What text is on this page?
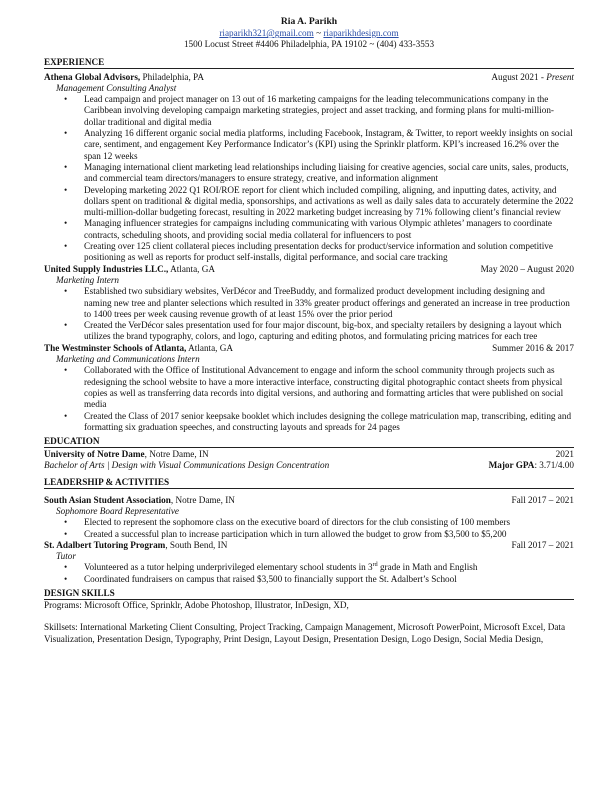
Ria A. Parikh
riaparikh321@gmail.com ~ riaparikhdesign.com
1500 Locust Street #4406 Philadelphia, PA 19102 ~ (404) 433-3553
EXPERIENCE
Athena Global Advisors, Philadelphia, PA	August 2021 - Present
Management Consulting Analyst
• Lead campaign and project manager on 13 out of 16 marketing campaigns for the leading telecommunications company in the Caribbean involving developing campaign marketing strategies, project and asset tracking, and forming plans for multi-million-dollar traditional and digital media
• Analyzing 16 different organic social media platforms, including Facebook, Instagram, & Twitter, to report weekly insights on social care, sentiment, and engagement Key Performance Indicator’s (KPI) using the Sprinklr platform. KPI’s increased 16.2% over the span 12 weeks
• Managing international client marketing lead relationships including liaising for creative agencies, social care units, sales, products, and commercial team directors/managers to ensure strategy, creative, and information alignment
• Developing marketing 2022 Q1 ROI/ROE report for client which included compiling, aligning, and inputting dates, activity, and dollars spent on traditional & digital media, sponsorships, and activations as well as daily sales data to accurately determine the 2022 multi-million-dollar budgeting forecast, resulting in 2022 marketing budget increasing by 71% following client’s financial review
• Managing influencer strategies for campaigns including communicating with various Olympic athletes’ managers to coordinate contracts, scheduling shoots, and providing social media collateral for influencers to post
• Creating over 125 client collateral pieces including presentation decks for product/service information and solution competitive positioning as well as reports for product self-installs, digital performance, and social care tracking
United Supply Industries LLC., Atlanta, GA	May 2020 – August 2020
Marketing Intern
• Established two subsidiary websites, VerDécor and TreeBuddy, and formalized product development including designing and naming new tree and planter selections which resulted in 33% greater product offerings and generated an increase in tree production to 1400 trees per week causing revenue growth of at least 15% over the prior period
• Created the VerDécor sales presentation used for four major discount, big-box, and specialty retailers by designing a layout which utilizes the brand typography, colors, and logo, capturing and editing photos, and formulating pricing matrices for each tree
The Westminster Schools of Atlanta, Atlanta, GA	Summer 2016 & 2017
Marketing and Communications Intern
• Collaborated with the Office of Institutional Advancement to engage and inform the school community through projects such as redesigning the school website to have a more interactive interface, constructing digital photographic contact sheets from physical copies as well as transferring data records into digital versions, and authoring and formatting articles that were published on social media
• Created the Class of 2017 senior keepsake booklet which includes designing the college matriculation map, transcribing, editing and formatting six graduation speeches, and constructing layouts and spreads for 24 pages
EDUCATION
University of Notre Dame, Notre Dame, IN	2021
Bachelor of Arts | Design with Visual Communications Design Concentration	Major GPA: 3.71/4.00
LEADERSHIP & ACTIVITIES
South Asian Student Association, Notre Dame, IN	Fall 2017 – 2021
Sophomore Board Representative
• Elected to represent the sophomore class on the executive board of directors for the club consisting of 100 members
• Created a successful plan to increase participation which in turn allowed the budget to grow from $3,500 to $5,200
St. Adalbert Tutoring Program, South Bend, IN	Fall 2017 – 2021
Tutor
• Volunteered as a tutor helping underprivileged elementary school students in 3rd grade in Math and English
• Coordinated fundraisers on campus that raised $3,500 to financially support the St. Adalbert’s School
DESIGN SKILLS

Programs: Microsoft Office, Sprinklr, Adobe Photoshop, Illustrator, InDesign, XD,

Skillsets: International Marketing Client Consulting, Project Tracking, Campaign Management, Microsoft PowerPoint, Microsoft Excel, Data Visualization, Presentation Design, Typography, Print Design, Layout Design, Presentation Design, Logo Design, Social Media Design,
